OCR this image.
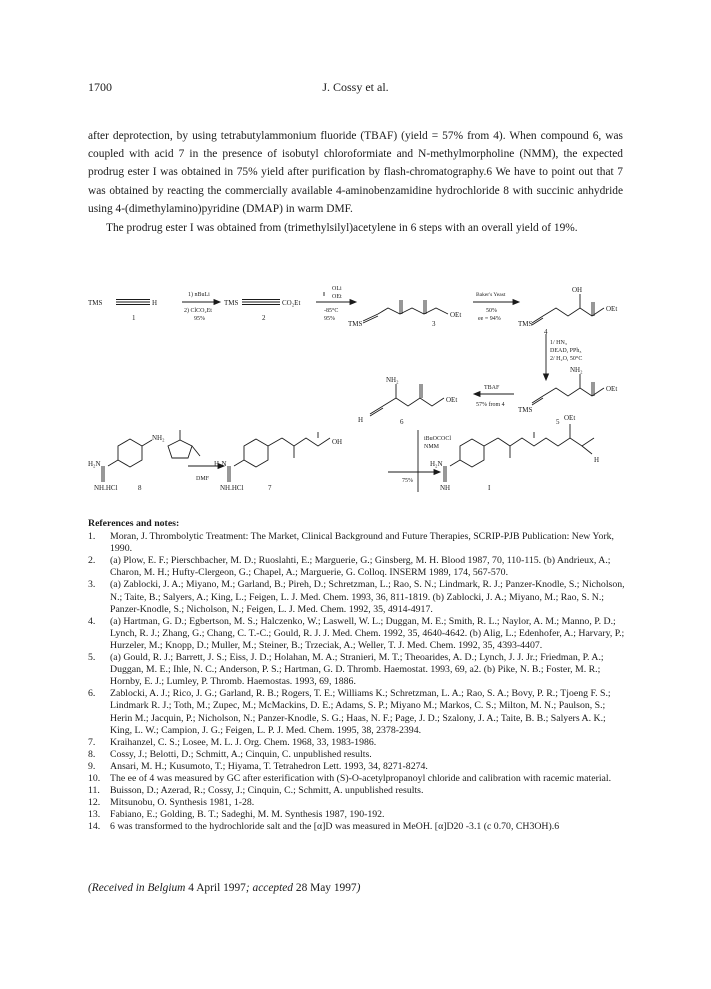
1700	J. Cossy et al.

after deprotection, by using tetrabutylammonium fluoride (TBAF) (yield = 57% from 4). When compound 6, was coupled with acid 7 in the presence of isobutyl chloroformiate and N-methylmorpholine (NMM), the expected prodrug ester I was obtained in 75% yield after purification by flash-chromatography.6 We have to point out that 7 was obtained by reacting the commercially available 4-aminobenzamidine hydrochloride 8 with succinic anhydride using 4-(dimethylamino)pyridine (DMAP) in warm DMF.

The prodrug ester I was obtained from (trimethylsilyl)acetylene in 6 steps with an overall yield of 19%.

TMS	H
1
1) nBuLi
2) ClCO₂Et
95%
TMS	CO₂Et
2
OLi
OEt
-85°C
95%
TMS
OEt
3
Baker's Yeast
50%
ee = 94%
TMS
OH
OEt
4
1/ HN₃
DEAD, PPh₃
2/ H₂O, 50°C
NH₂
OEt
TMS
5
TBAF
57% from 4
NH₂
OEt
H	6
iBuOCOCl
NMM
75%
NH₂
H₂N
NH.HCl	8
DMF
H₂N
OH
NH.HCl	7
H₂N
NH	I
OEt
H
References and notes:
1.	Moran, J. Thrombolytic Treatment: The Market, Clinical Background and Future Therapies, SCRIP-PJB Publication: New York, 1990.
2.	(a) Plow, E. F.; Pierschbacher, M. D.; Ruoslahti, E.; Marguerie, G.; Ginsberg, M. H. Blood 1987, 70, 110-115. (b) Andrieux, A.; Charon, M. H.; Hufty-Clergeon, G.; Chapel, A.; Marguerie, G. Colloq. INSERM 1989, 174, 567-570.
3.	(a) Zablocki, J. A.; Miyano, M.; Garland, B.; Pireh, D.; Schretzman, L.; Rao, S. N.; Lindmark, R. J.; Panzer-Knodle, S.; Nicholson, N.; Taite, B.; Salyers, A.; King, L.; Feigen, L. J. Med. Chem. 1993, 36, 811-1819. (b) Zablocki, J. A.; Miyano, M.; Rao, S. N.; Panzer-Knodle, S.; Nicholson, N.; Feigen, L. J. Med. Chem. 1992, 35, 4914-4917.
4.	(a) Hartman, G. D.; Egbertson, M. S.; Halczenko, W.; Laswell, W. L.; Duggan, M. E.; Smith, R. L.; Naylor, A. M.; Manno, P. D.; Lynch, R. J.; Zhang, G.; Chang, C. T.-C.; Gould, R. J. J. Med. Chem. 1992, 35, 4640-4642. (b) Alig, L.; Edenhofer, A.; Harvary, P.; Hurzeler, M.; Knopp, D.; Muller, M.; Steiner, B.; Trzeciak, A.; Weller, T. J. Med. Chem. 1992, 35, 4393-4407.
5.	(a) Gould, R. J.; Barrett, J. S.; Eiss, J. D.; Holahan, M. A.; Stranieri, M. T.; Theoarides, A. D.; Lynch, J. J. Jr.; Friedman, P. A.; Duggan, M. E.; Ihle, N. C.; Anderson, P. S.; Hartman, G. D. Thromb. Haemostat. 1993, 69, a2. (b) Pike, N. B.; Foster, M. R.; Hornby, E. J.; Lumley, P. Thromb. Haemostas. 1993, 69, 1886.
6.	Zablocki, A. J.; Rico, J. G.; Garland, R. B.; Rogers, T. E.; Williams K.; Schretzman, L. A.; Rao, S. A.; Bovy, P. R.; Tjoeng F. S.; Lindmark R. J.; Toth, M.; Zupec, M.; McMackins, D. E.; Adams, S. P.; Miyano M.; Markos, C. S.; Milton, M. N.; Paulson, S.; Herin M.; Jacquin, P.; Nicholson, N.; Panzer-Knodle, S. G.; Haas, N. F.; Page, J. D.; Szalony, J. A.; Taite, B. B.; Salyers A. K.; King, L. W.; Campion, J. G.; Feigen, L. P. J. Med. Chem. 1995, 38, 2378-2394.
7.	Kraihanzel, C. S.; Losee, M. L. J. Org. Chem. 1968, 33, 1983-1986.
8.	Cossy, J.; Belotti, D.; Schmitt, A.; Cinquin, C. unpublished results.
9.	Ansari, M. H.; Kusumoto, T.; Hiyama, T. Tetrahedron Lett. 1993, 34, 8271-8274.
10. The ee of 4 was measured by GC after esterification with (S)-O-acetylpropanoyl chloride and calibration with racemic material.
11.	Buisson, D.; Azerad, R.; Cossy, J.; Cinquin, C.; Schmitt, A. unpublished results.
12. Mitsunobu, O. Synthesis 1981, 1-28.
13. Fabiano, E.; Golding, B. T.; Sadeghi, M. M. Synthesis 1987, 190-192.
14. 6 was transformed to the hydrochloride salt and the [α]D was measured in MeOH. [α]D20 -3.1 (c 0.70, CH3OH).6
(Received in Belgium 4 April 1997; accepted 28 May 1997)
